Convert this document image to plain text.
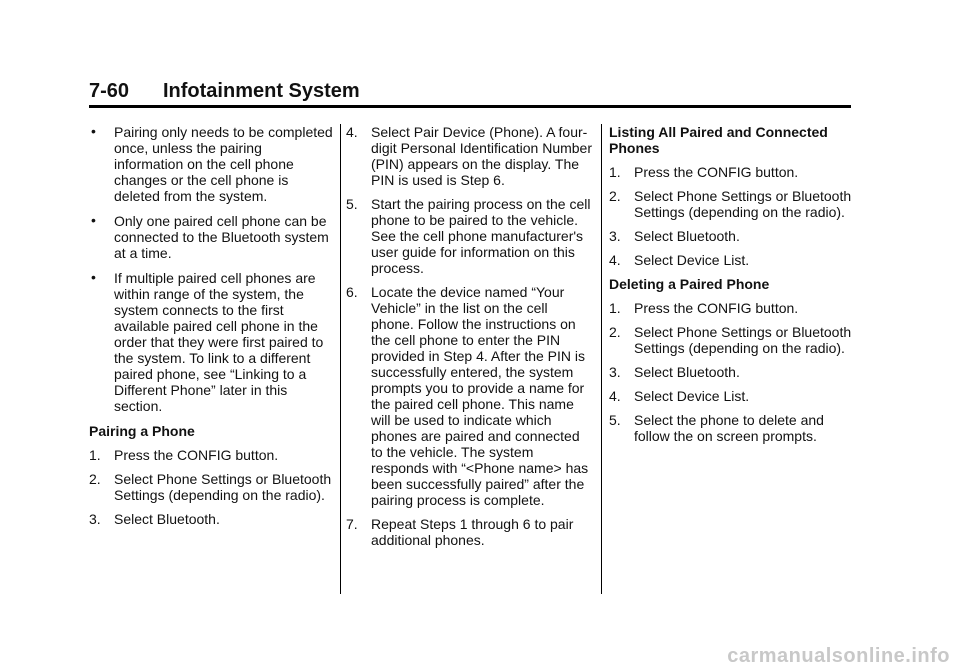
7-60 Infotainment System
• Pairing only needs to be completed once, unless the pairing information on the cell phone changes or the cell phone is deleted from the system.
• Only one paired cell phone can be connected to the Bluetooth system at a time.
• If multiple paired cell phones are within range of the system, the system connects to the first available paired cell phone in the order that they were first paired to the system. To link to a different paired phone, see “Linking to a Different Phone” later in this section.
Pairing a Phone
1. Press the CONFIG button.
2. Select Phone Settings or Bluetooth Settings (depending on the radio).
3. Select Bluetooth.
4. Select Pair Device (Phone). A four-digit Personal Identification Number (PIN) appears on the display. The PIN is used is Step 6.
5. Start the pairing process on the cell phone to be paired to the vehicle. See the cell phone manufacturer's user guide for information on this process.
6. Locate the device named “Your Vehicle” in the list on the cell phone. Follow the instructions on the cell phone to enter the PIN provided in Step 4. After the PIN is successfully entered, the system prompts you to provide a name for the paired cell phone. This name will be used to indicate which phones are paired and connected to the vehicle. The system responds with “<Phone name> has been successfully paired” after the pairing process is complete.
7. Repeat Steps 1 through 6 to pair additional phones.
Listing All Paired and Connected Phones
1. Press the CONFIG button.
2. Select Phone Settings or Bluetooth Settings (depending on the radio).
3. Select Bluetooth.
4. Select Device List.
Deleting a Paired Phone
1. Press the CONFIG button.
2. Select Phone Settings or Bluetooth Settings (depending on the radio).
3. Select Bluetooth.
4. Select Device List.
5. Select the phone to delete and follow the on screen prompts.
carmanualsonline.info
